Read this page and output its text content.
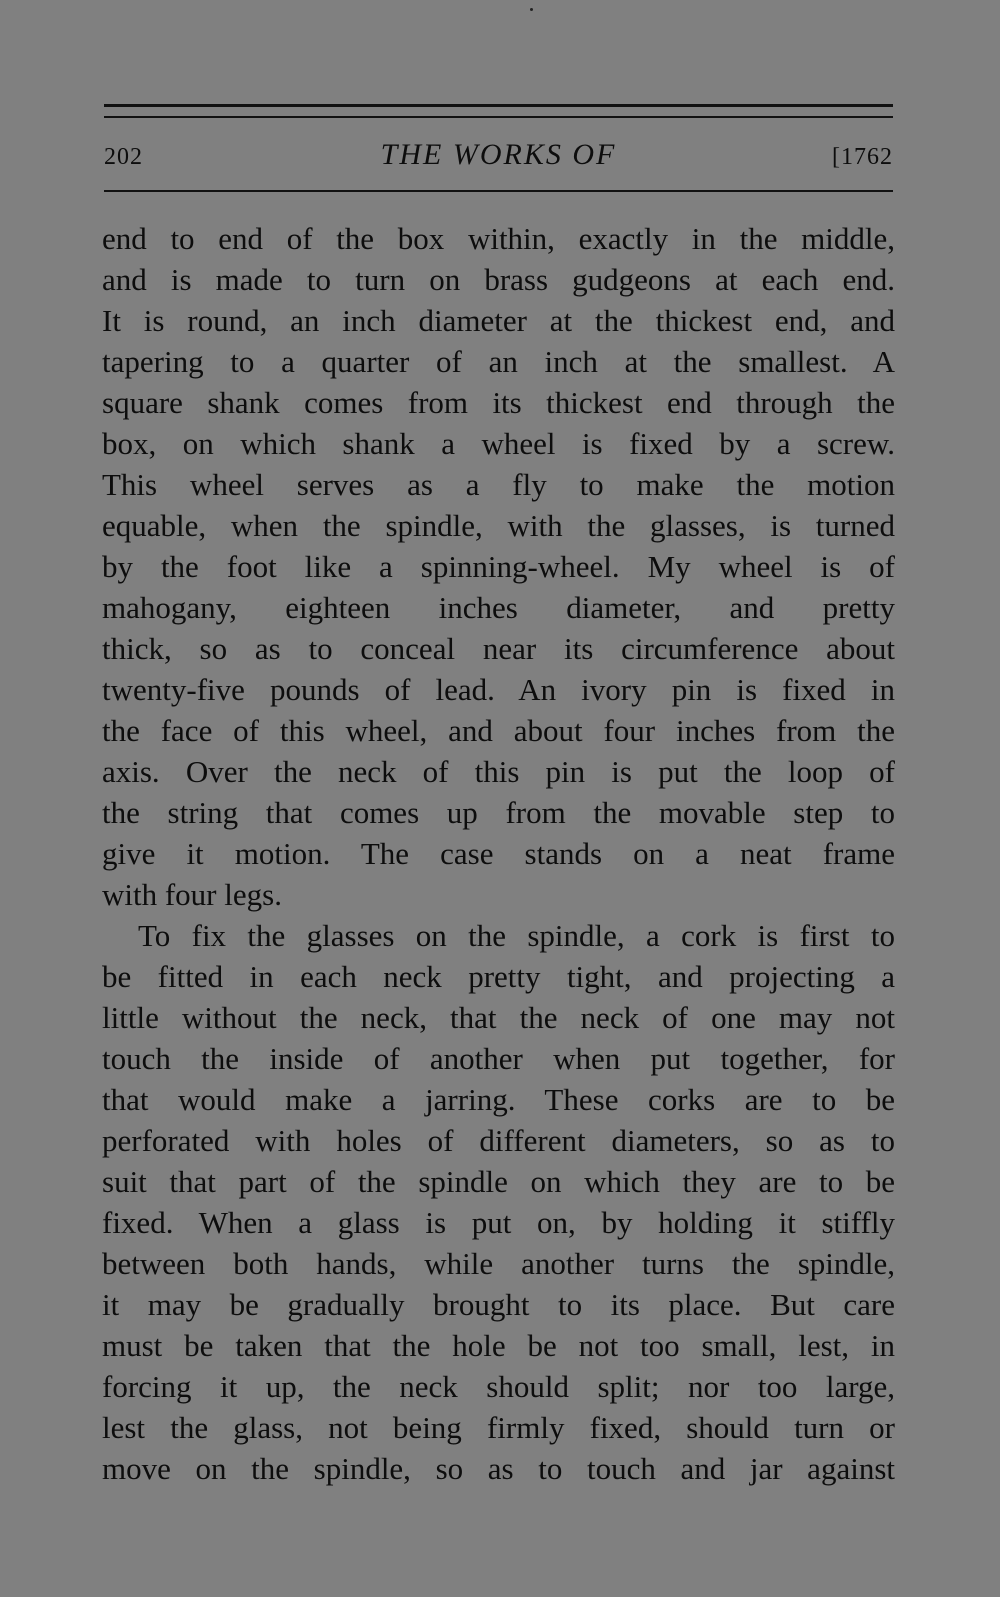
202	THE WORKS OF	[1762
end to end of the box within, exactly in the middle,
and is made to turn on brass gudgeons at each end.
It is round, an inch diameter at the thickest end, and
tapering to a quarter of an inch at the smallest. A
square shank comes from its thickest end through the
box, on which shank a wheel is fixed by a screw.
This wheel serves as a fly to make the motion
equable, when the spindle, with the glasses, is turned
by the foot like a spinning-wheel. My wheel is of
mahogany, eighteen inches diameter, and pretty
thick, so as to conceal near its circumference about
twenty-five pounds of lead. An ivory pin is fixed in
the face of this wheel, and about four inches from the
axis. Over the neck of this pin is put the loop of
the string that comes up from the movable step to
give it motion. The case stands on a neat frame
with four legs.
To fix the glasses on the spindle, a cork is first to
be fitted in each neck pretty tight, and projecting a
little without the neck, that the neck of one may not
touch the inside of another when put together, for
that would make a jarring. These corks are to be
perforated with holes of different diameters, so as to
suit that part of the spindle on which they are to be
fixed. When a glass is put on, by holding it stiffly
between both hands, while another turns the spindle,
it may be gradually brought to its place. But care
must be taken that the hole be not too small, lest, in
forcing it up, the neck should split; nor too large,
lest the glass, not being firmly fixed, should turn or
move on the spindle, so as to touch and jar against
